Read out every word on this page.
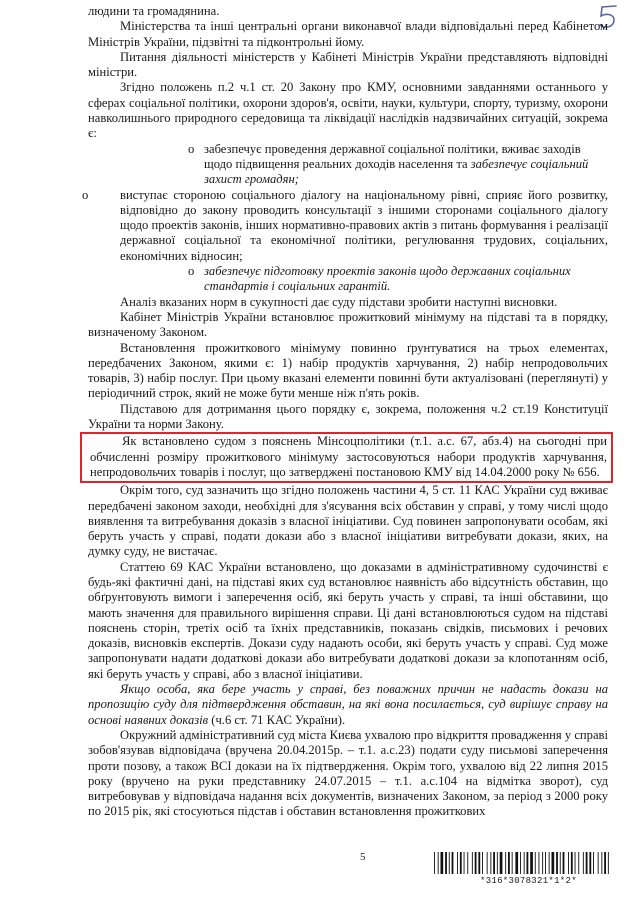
людини та громадянина.

Міністерства та інші центральні органи виконавчої влади відповідальні перед Кабінетом Міністрів України, підзвітні та підконтрольні йому.

Питання діяльності міністерств у Кабінеті Міністрів України представляють відповідні міністри.

Згідно положень п.2 ч.1 ст. 20 Закону про КМУ, основними завданнями останнього у сферах соціальної політики, охорони здоров'я, освіти, науки, культури, спорту, туризму, охорони навколишнього природного середовища та ліквідації наслідків надзвичайних ситуацій, зокрема є:

o забезпечує проведення державної соціальної політики, вживає заходів щодо підвищення реальних доходів населення та забезпечує соціальний захист громадян;
o	виступає стороною соціального діалогу на національному рівні, сприяє його розвитку, відповідно до закону проводить консультації з іншими сторонами соціального діалогу щодо проектів законів, інших нормативно-правових актів з питань формування і реалізації державної соціальної та економічної політики, регулювання трудових, соціальних, економічних відносин;
o забезпечує підготовку проектів законів щодо державних соціальних стандартів і соціальних гарантій.

Аналіз вказаних норм в сукупності дає суду підстави зробити наступні висновки.

Кабінет Міністрів України встановлює прожитковий мінімуму на підставі та в порядку, визначеному Законом.

Встановлення прожиткового мінімуму повинно ґрунтуватися на трьох елементах, передбачених Законом, якими є: 1) набір продуктів харчування, 2) набір непродовольчих товарів, 3) набір послуг. При цьому вказані елементи повинні бути актуалізовані (переглянуті) у періодичний строк, який не може бути менше ніж п'ять років.

Підставою для дотримання цього порядку є, зокрема, положення ч.2 ст.19 Конституції України та норми Закону.

Як встановлено судом з пояснень Мінсоцполітики (т.1. а.с. 67, абз.4) на сьогодні при обчисленні розміру прожиткового мінімуму застосовуються набори продуктів харчування, непродовольчих товарів і послуг, що затверджені постановою КМУ від 14.04.2000 року № 656.

Окрім того, суд зазначить що згідно положень частини 4, 5 ст. 11 КАС України суд вживає передбачені законом заходи, необхідні для з'ясування всіх обставин у справі, у тому числі щодо виявлення та витребування доказів з власної ініціативи. Суд повинен запропонувати особам, які беруть участь у справі, подати докази або з власної ініціативи витребувати докази, яких, на думку суду, не вистачає.

Статтею 69 КАС України встановлено, що доказами в адміністративному судочинстві є будь-які фактичні дані, на підставі яких суд встановлює наявність або відсутність обставин, що обґрунтовують вимоги і заперечення осіб, які беруть участь у справі, та інші обставини, що мають значення для правильного вирішення справи. Ці дані встановлюються судом на підставі пояснень сторін, третіх осіб та їхніх представників, показань свідків, письмових і речових доказів, висновків експертів. Докази суду надають особи, які беруть участь у справі. Суд може запропонувати надати додаткові докази або витребувати додаткові докази за клопотанням осіб, які беруть участь у справі, або з власної ініціативи.

Якщо особа, яка бере участь у справі, без поважних причин не надасть докази на пропозицію суду для підтвердження обставин, на які вона посилається, суд вирішує справу на основі наявних доказів (ч.6 ст. 71 КАС України).

Окружний адміністративний суд міста Києва ухвалою про відкриття провадження у справі зобов'язував відповідача (вручена 20.04.2015р. – т.1. а.с.23) подати суду письмові заперечення проти позову, а також ВСІ докази на їх підтвердження. Окрім того, ухвалою від 22 липня 2015 року (вручено на руки представнику 24.07.2015 – т.1. а.с.104 на відмітка зворот), суд витребовував у відповідача надання всіх документів, визначених Законом, за період з 2000 року по 2015 рік, які стосуються підстав і обставин встановлення прожиткових

5
*316*3078321*1*2*
